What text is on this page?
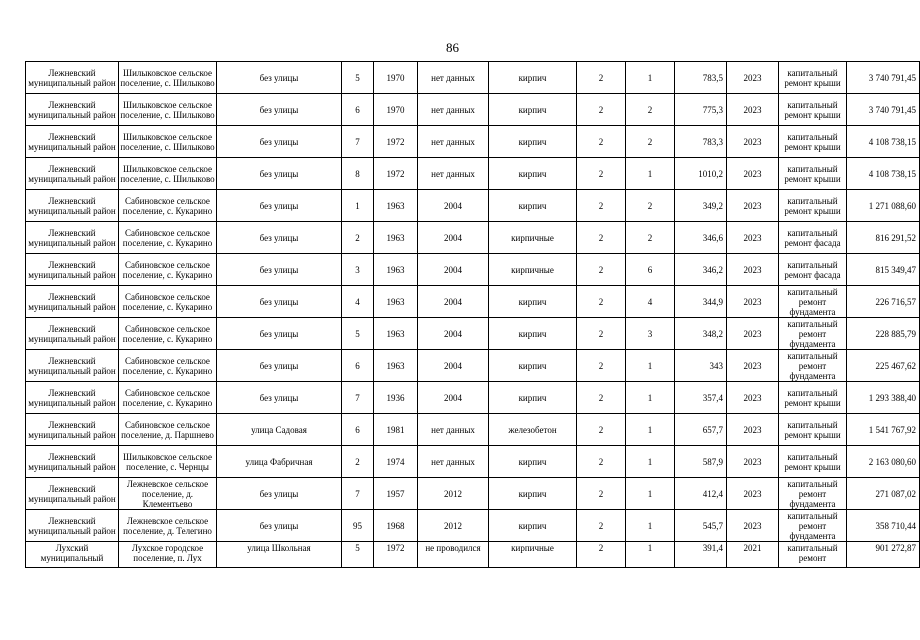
86
Лежневский муниципальный район	Шилыковское сельское поселение, с. Шилыково	без улицы	5	1970	нет данных	кирпич	2	1	783,5	2023	капитальный ремонт крыши	3 740 791,45
Лежневский муниципальный район	Шилыковское сельское поселение, с. Шилыково	без улицы	6	1970	нет данных	кирпич	2	2	775,3	2023	капитальный ремонт крыши	3 740 791,45
Лежневский муниципальный район	Шилыковское сельское поселение, с. Шилыково	без улицы	7	1972	нет данных	кирпич	2	2	783,3	2023	капитальный ремонт крыши	4 108 738,15
Лежневский муниципальный район	Шилыковское сельское поселение, с. Шилыково	без улицы	8	1972	нет данных	кирпич	2	1	1010,2	2023	капитальный ремонт крыши	4 108 738,15
Лежневский муниципальный район	Сабиновское сельское поселение, с. Кукарино	без улицы	1	1963	2004	кирпич	2	2	349,2	2023	капитальный ремонт крыши	1 271 088,60
Лежневский муниципальный район	Сабиновское сельское поселение, с. Кукарино	без улицы	2	1963	2004	кирпичные	2	2	346,6	2023	капитальный ремонт фасада	816 291,52
Лежневский муниципальный район	Сабиновское сельское поселение, с. Кукарино	без улицы	3	1963	2004	кирпичные	2	6	346,2	2023	капитальный ремонт фасада	815 349,47
Лежневский муниципальный район	Сабиновское сельское поселение, с. Кукарино	без улицы	4	1963	2004	кирпич	2	4	344,9	2023	капитальный ремонт фундамента	226 716,57
Лежневский муниципальный район	Сабиновское сельское поселение, с. Кукарино	без улицы	5	1963	2004	кирпич	2	3	348,2	2023	капитальный ремонт фундамента	228 885,79
Лежневский муниципальный район	Сабиновское сельское поселение, с. Кукарино	без улицы	6	1963	2004	кирпич	2	1	343	2023	капитальный ремонт фундамента	225 467,62
Лежневский муниципальный район	Сабиновское сельское поселение, с. Кукарино	без улицы	7	1936	2004	кирпич	2	1	357,4	2023	капитальный ремонт крыши	1 293 388,40
Лежневский муниципальный район	Сабиновское сельское поселение, д. Паршнево	улица Садовая	6	1981	нет данных	железобетон	2	1	657,7	2023	капитальный ремонт крыши	1 541 767,92
Лежневский муниципальный район	Шилыковское сельское поселение, с. Чернцы	улица Фабричная	2	1974	нет данных	кирпич	2	1	587,9	2023	капитальный ремонт крыши	2 163 080,60
Лежневский муниципальный район	Лежневское сельское поселение, д. Клементьево	без улицы	7	1957	2012	кирпич	2	1	412,4	2023	капитальный ремонт фундамента	271 087,02
Лежневский муниципальный район	Лежневское сельское поселение, д. Телегино	без улицы	95	1968	2012	кирпич	2	1	545,7	2023	капитальный ремонт фундамента	358 710,44
Лухский муниципальный	Лухское городское поселение, п. Лух	улица Школьная	5	1972	не проводился	кирпичные	2	1	391,4	2021	капитальный ремонт	901 272,87
